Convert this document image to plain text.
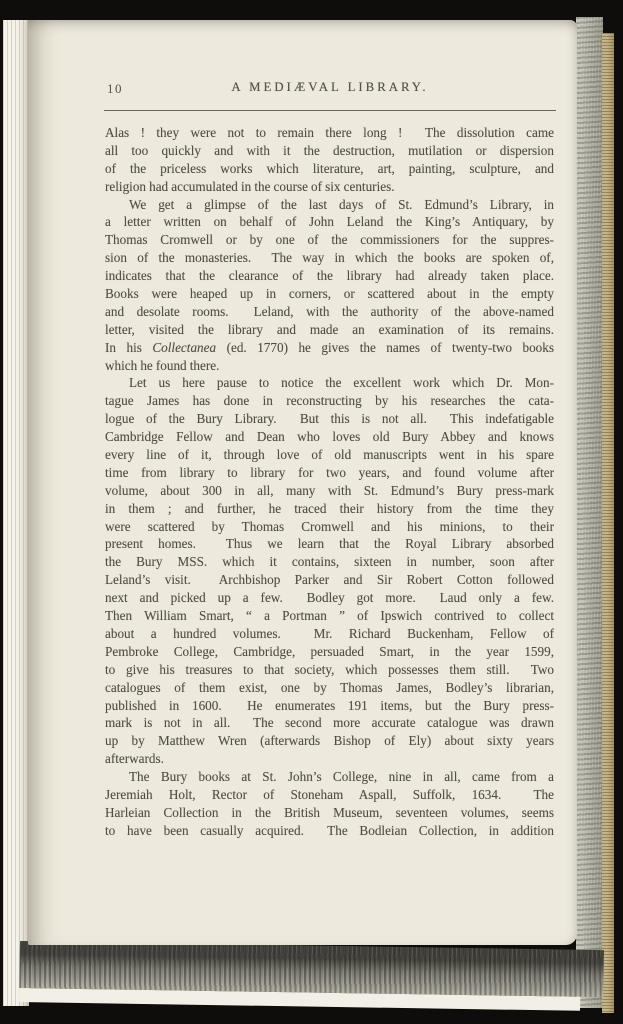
10	A MEDIÆVAL LIBRARY.
Alas ! they were not to remain there long !  The dissolution came
all too quickly and with it the destruction, mutilation or dispersion
of the priceless works which literature, art, painting, sculpture, and
religion had accumulated in the course of six centuries.
We get a glimpse of the last days of St. Edmund’s Library, in
a letter written on behalf of John Leland the King’s Antiquary, by
Thomas Cromwell or by one of the commissioners for the suppres-
sion of the monasteries.  The way in which the books are spoken of,
indicates that the clearance of the library had already taken place.
Books were heaped up in corners, or scattered about in the empty
and desolate rooms.  Leland, with the authority of the above-named
letter, visited the library and made an examination of its remains.
In his Collectanea (ed. 1770) he gives the names of twenty-two books
which he found there.
Let us here pause to notice the excellent work which Dr. Mon-
tague James has done in reconstructing by his researches the cata-
logue of the Bury Library.  But this is not all.  This indefatigable
Cambridge Fellow and Dean who loves old Bury Abbey and knows
every line of it, through love of old manuscripts went in his spare
time from library to library for two years, and found volume after
volume, about 300 in all, many with St. Edmund’s Bury press-mark
in them ; and further, he traced their history from the time they
were scattered by Thomas Cromwell and his minions, to their
present homes.  Thus we learn that the Royal Library absorbed
the Bury MSS. which it contains, sixteen in number, soon after
Leland’s visit.  Archbishop Parker and Sir Robert Cotton followed
next and picked up a few.  Bodley got more.  Laud only a few.
Then William Smart, “ a Portman ” of Ipswich contrived to collect
about a hundred volumes.  Mr. Richard Buckenham, Fellow of
Pembroke College, Cambridge, persuaded Smart, in the year 1599,
to give his treasures to that society, which possesses them still.  Two
catalogues of them exist, one by Thomas James, Bodley’s librarian,
published in 1600.  He enumerates 191 items, but the Bury press-
mark is not in all.  The second more accurate catalogue was drawn
up by Matthew Wren (afterwards Bishop of Ely) about sixty years
afterwards.
The Bury books at St. John’s College, nine in all, came from a
Jeremiah Holt, Rector of Stoneham Aspall, Suffolk, 1634.  The
Harleian Collection in the British Museum, seventeen volumes, seems
to have been casually acquired.  The Bodleian Collection, in addition
